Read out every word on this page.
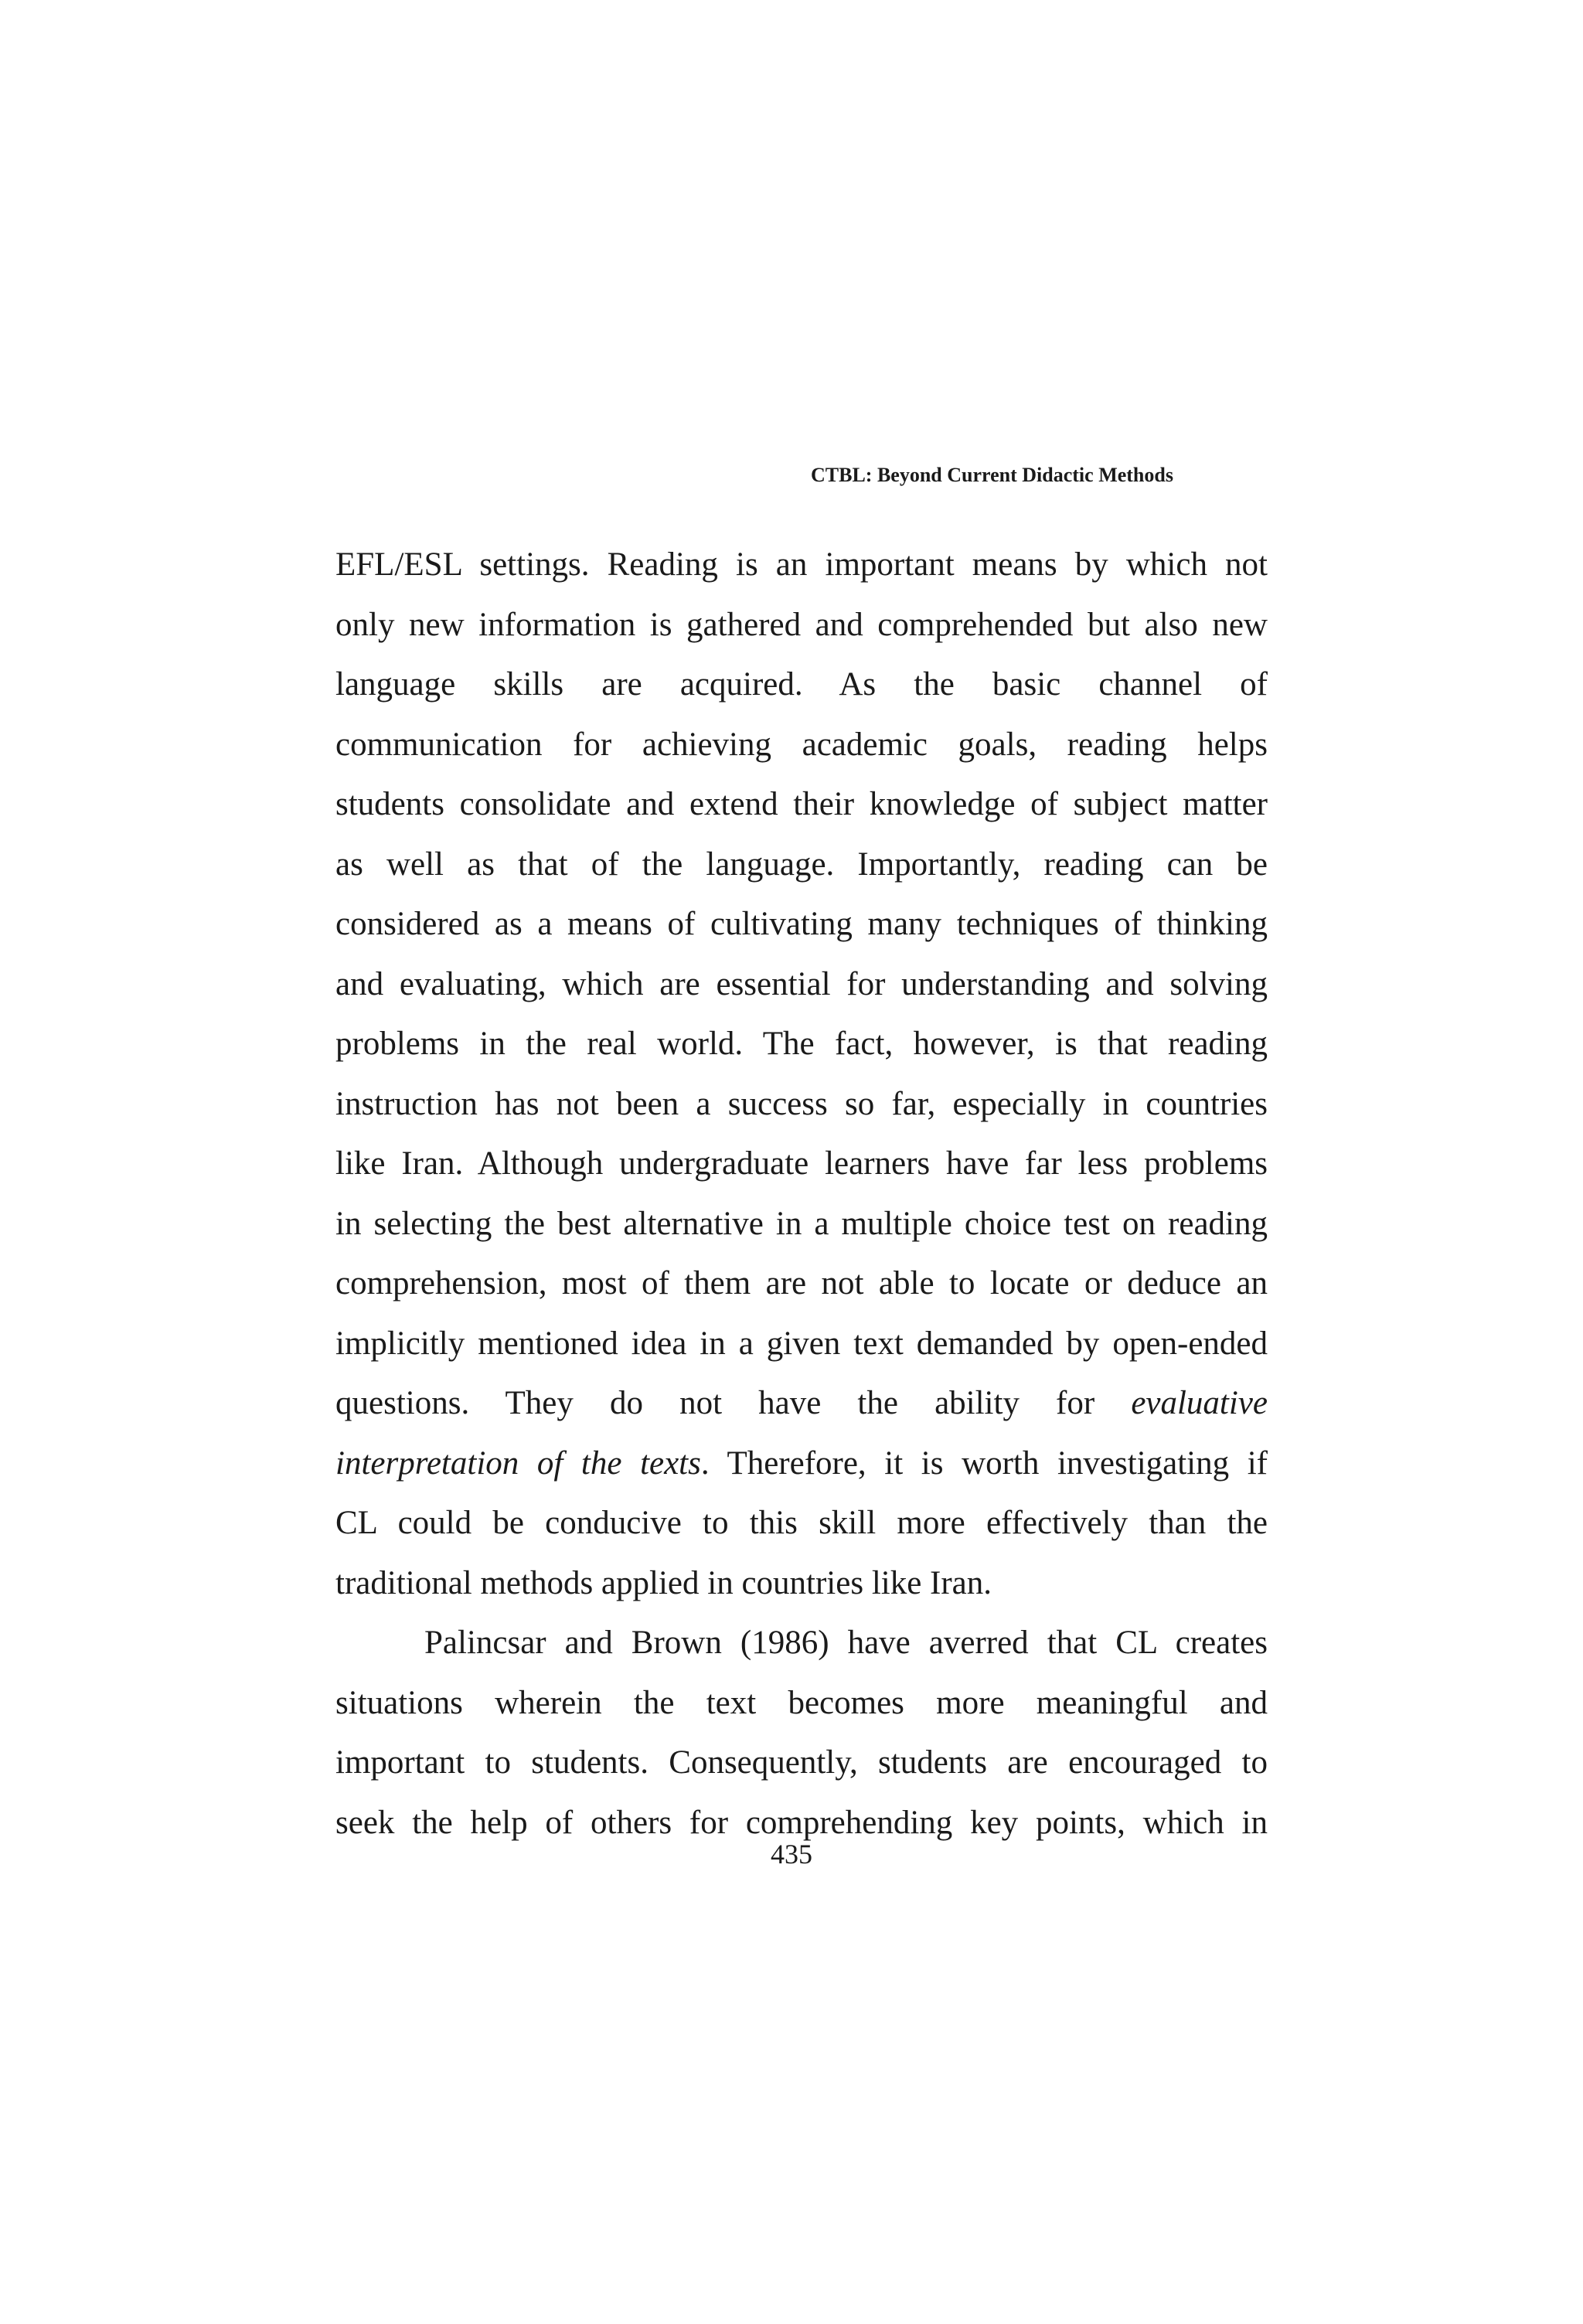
CTBL: Beyond Current Didactic Methods
EFL/ESL settings. Reading is an important means by which not
only new information is gathered and comprehended but also new
language skills are acquired. As the basic channel of
communication for achieving academic goals, reading helps
students consolidate and extend their knowledge of subject matter
as well as that of the language. Importantly, reading can be
considered as a means of cultivating many techniques of thinking
and evaluating, which are essential for understanding and solving
problems in the real world. The fact, however, is that reading
instruction has not been a success so far, especially in countries
like Iran. Although undergraduate learners have far less problems
in selecting the best alternative in a multiple choice test on reading
comprehension, most of them are not able to locate or deduce an
implicitly mentioned idea in a given text demanded by open-ended
questions. They do not have the ability for evaluative
interpretation of the texts. Therefore, it is worth investigating if
CL could be conducive to this skill more effectively than the
traditional methods applied in countries like Iran.
Palincsar and Brown (1986) have averred that CL creates
situations wherein the text becomes more meaningful and
important to students. Consequently, students are encouraged to
seek the help of others for comprehending key points, which in
435
